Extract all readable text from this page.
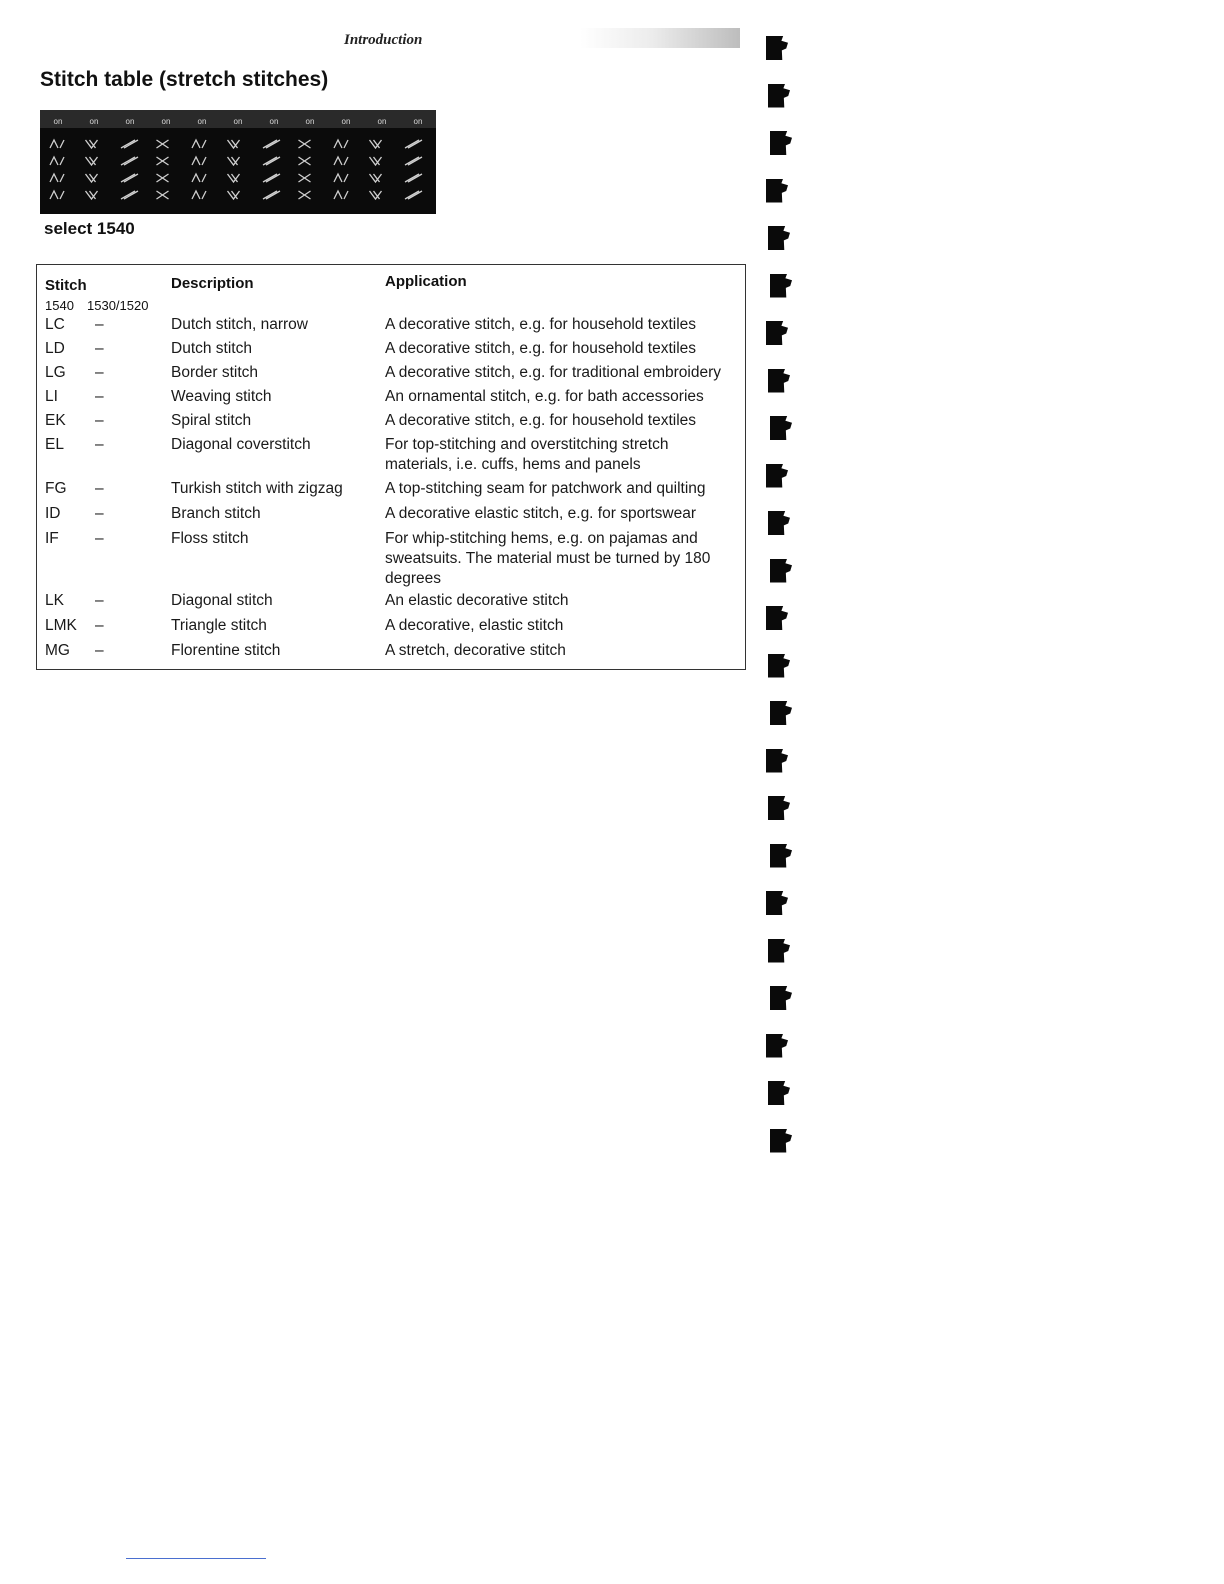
Introduction
Stitch table (stretch stitches)
on	on	on	on	on	on	on	on	on	on	on
select 1540
Stitch	Description	Application
1540 1530/1520
LC –	Dutch stitch, narrow	A decorative stitch, e.g. for household textiles
LD –	Dutch stitch	A decorative stitch, e.g. for household textiles
LG –	Border stitch	A decorative stitch, e.g. for traditional embroidery
LI –	Weaving stitch	An ornamental stitch, e.g. for bath accessories
EK –	Spiral stitch	A decorative stitch, e.g. for household textiles
EL –	Diagonal coverstitch	For top-stitching and overstitching stretch materials, i.e. cuffs, hems and panels
FG –	Turkish stitch with zigzag	A top-stitching seam for patchwork and quilting
ID –	Branch stitch	A decorative elastic stitch, e.g. for sportswear
IF –	Floss stitch	For whip-stitching hems, e.g. on pajamas and sweatsuits. The material must be turned by 180 degrees
LK –	Diagonal stitch	An elastic decorative stitch
LMK –	Triangle stitch	A decorative, elastic stitch
MG –	Florentine stitch	A stretch, decorative stitch
